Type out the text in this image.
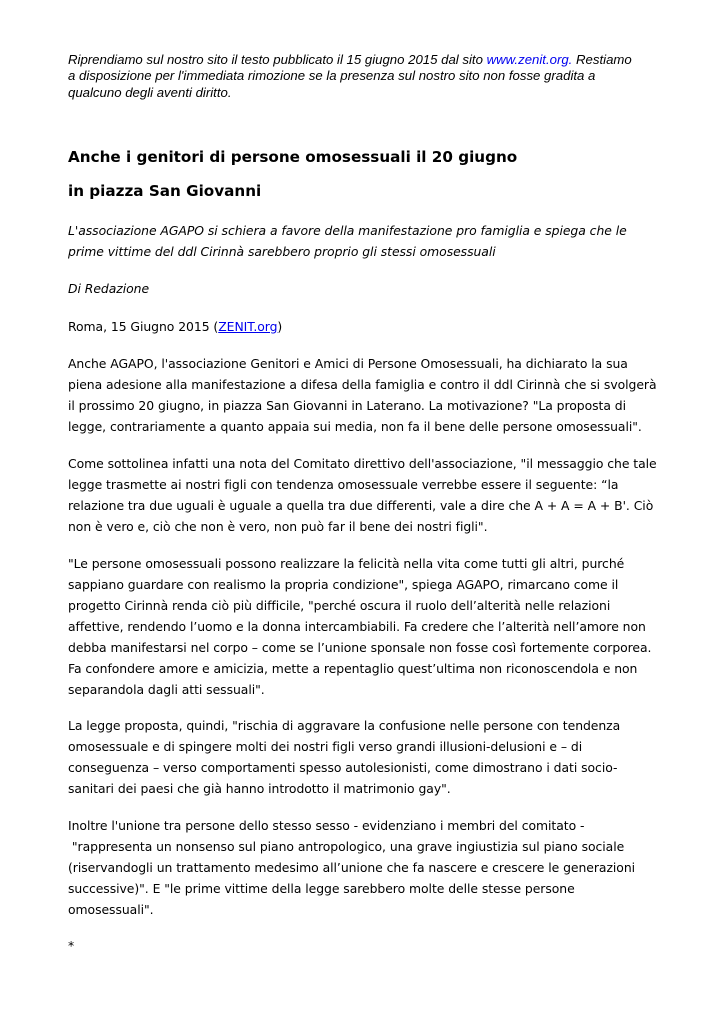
Riprendiamo sul nostro sito il testo pubblicato il 15 giugno 2015 dal sito www.zenit.org. Restiamo
a disposizione per l'immediata rimozione se la presenza sul nostro sito non fosse gradita a
qualcuno degli aventi diritto.
Anche i genitori di persone omosessuali il 20 giugno
in piazza San Giovanni

L'associazione AGAPO si schiera a favore della manifestazione pro famiglia e spiega che le
prime vittime del ddl Cirinnà sarebbero proprio gli stessi omosessuali

Di Redazione

Roma, 15 Giugno 2015 (ZENIT.org)

Anche AGAPO, l'associazione Genitori e Amici di Persone Omosessuali, ha dichiarato la sua
piena adesione alla manifestazione a difesa della famiglia e contro il ddl Cirinnà che si svolgerà
il prossimo 20 giugno, in piazza San Giovanni in Laterano. La motivazione? "La proposta di
legge, contrariamente a quanto appaia sui media, non fa il bene delle persone omosessuali".

Come sottolinea infatti una nota del Comitato direttivo dell'associazione, "il messaggio che tale
legge trasmette ai nostri figli con tendenza omosessuale verrebbe essere il seguente: “la
relazione tra due uguali è uguale a quella tra due differenti, vale a dire che A + A = A + B'. Ciò
non è vero e, ciò che non è vero, non può far il bene dei nostri figli".

"Le persone omosessuali possono realizzare la felicità nella vita come tutti gli altri, purché
sappiano guardare con realismo la propria condizione", spiega AGAPO, rimarcano come il
progetto Cirinnà renda ciò più difficile, "perché oscura il ruolo dell’alterità nelle relazioni
affettive, rendendo l’uomo e la donna intercambiabili. Fa credere che l’alterità nell’amore non
debba manifestarsi nel corpo – come se l’unione sponsale non fosse così fortemente corporea.
Fa confondere amore e amicizia, mette a repentaglio quest’ultima non riconoscendola e non
separandola dagli atti sessuali".

La legge proposta, quindi, "rischia di aggravare la confusione nelle persone con tendenza
omosessuale e di spingere molti dei nostri figli verso grandi illusioni-delusioni e – di
conseguenza – verso comportamenti spesso autolesionisti, come dimostrano i dati socio-
sanitari dei paesi che già hanno introdotto il matrimonio gay".

Inoltre l'unione tra persone dello stesso sesso - evidenziano i membri del comitato -
"rappresenta un nonsenso sul piano antropologico, una grave ingiustizia sul piano sociale
(riservandogli un trattamento medesimo all’unione che fa nascere e crescere le generazioni
successive)". E "le prime vittime della legge sarebbero molte delle stesse persone
omosessuali".

*
